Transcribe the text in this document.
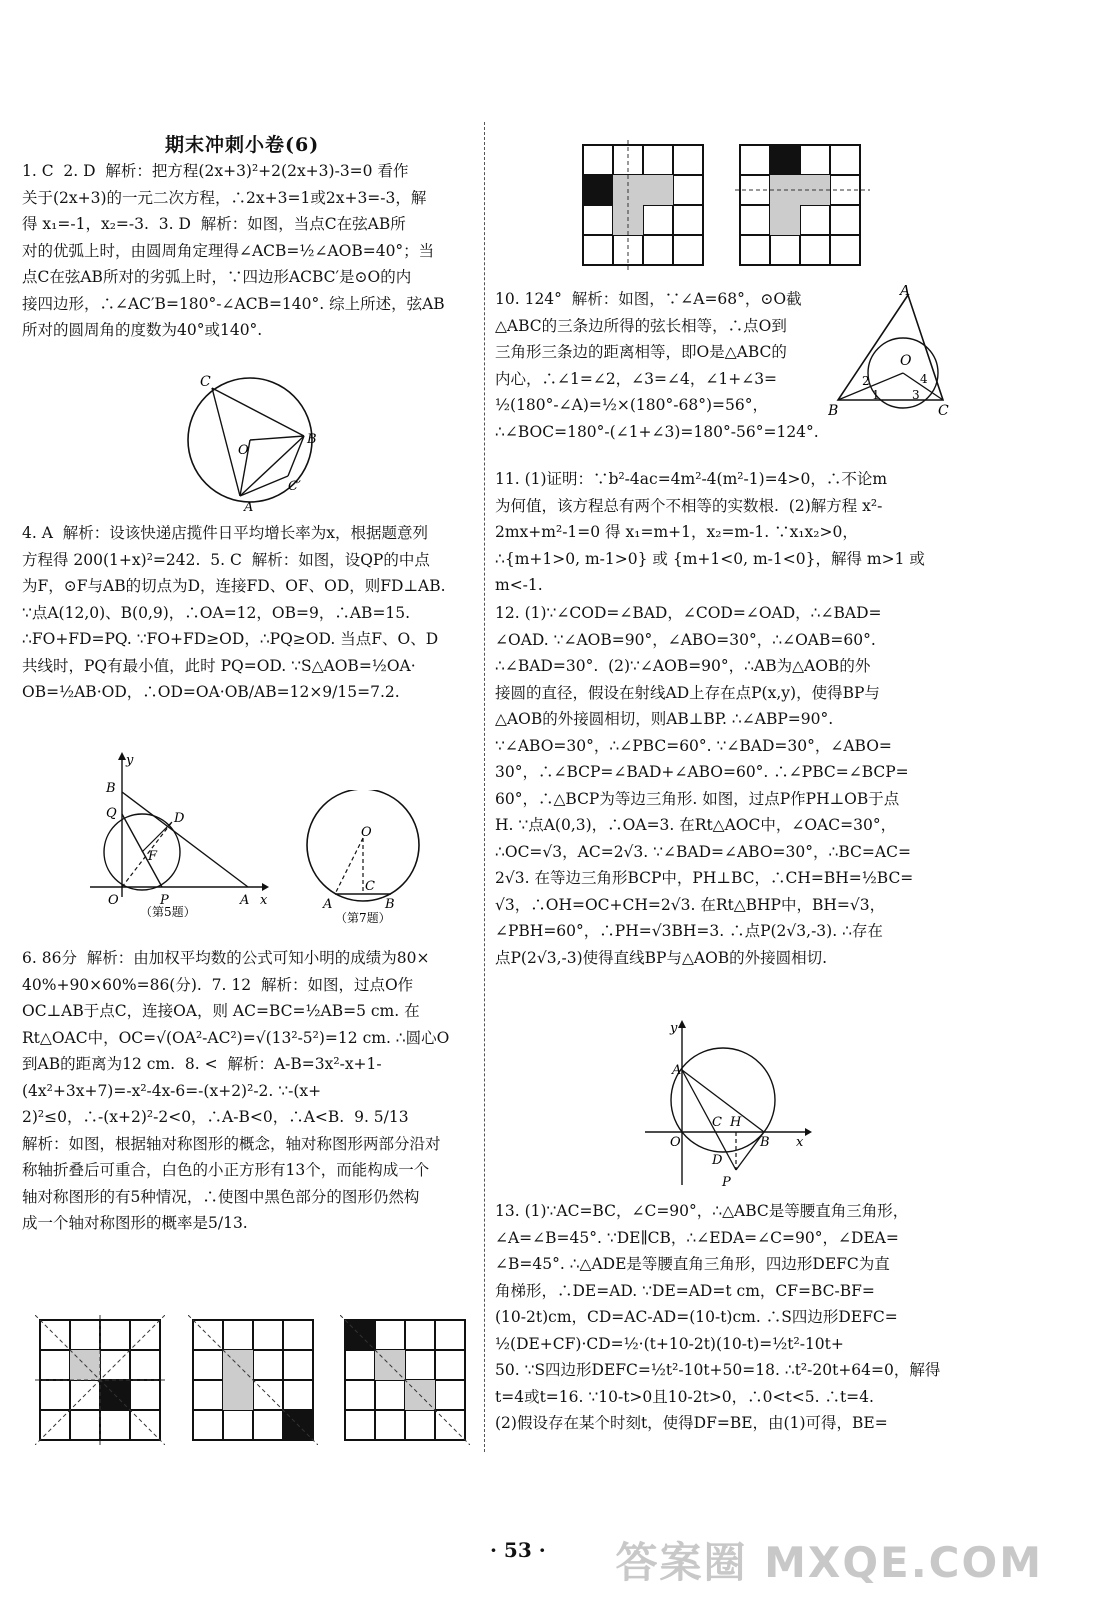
期末冲刺小卷(6)
1. C  2. D  解析：把方程(2x+3)²+2(2x+3)-3=0 看作
关于(2x+3)的一元二次方程，∴2x+3=1或2x+3=-3，解
得 x₁=-1，x₂=-3.  3. D  解析：如图，当点C在弦AB所
对的优弧上时，由圆周角定理得∠ACB=½∠AOB=40°；当
点C在弦AB所对的劣弧上时，∵四边形ACBC′是⊙O的内
接四边形，∴∠AC′B=180°-∠ACB=140°. 综上所述，弦AB
所对的圆周角的度数为40°或140°.
C
O
B
C′
A
4. A  解析：设该快递店揽件日平均增长率为x，根据题意列
方程得 200(1+x)²=242.  5. C  解析：如图，设QP的中点
为F，⊙F与AB的切点为D，连接FD、OF、OD，则FD⊥AB.
∵点A(12,0)、B(0,9)，∴OA=12，OB=9，∴AB=15.
∴FO+FD=PQ. ∵FO+FD≥OD，∴PQ≥OD. 当点F、O、D
共线时，PQ有最小值，此时 PQ=OD. ∵S△AOB=½OA·
OB=½AB·OD，∴OD=OA·OB/AB=12×9/15=7.2.
B
Q	D
F
O	P	A x
y
（第5题）
O
C
A	B
（第7题）
6. 86分  解析：由加权平均数的公式可知小明的成绩为80×
40%+90×60%=86(分).  7. 12  解析：如图，过点O作
OC⊥AB于点C，连接OA，则 AC=BC=½AB=5 cm. 在
Rt△OAC中，OC=√(OA²-AC²)=√(13²-5²)=12 cm. ∴圆心O
到AB的距离为12 cm.  8. <  解析：A-B=3x²-x+1-
(4x²+3x+7)=-x²-4x-6=-(x+2)²-2. ∵-(x+
2)²≤0，∴-(x+2)²-2<0，∴A-B<0，∴A<B.  9. 5/13
解析：如图，根据轴对称图形的概念，轴对称图形两部分沿对
称轴折叠后可重合，白色的小正方形有13个，而能构成一个
轴对称图形的有5种情况，∴使图中黑色部分的图形仍然构
成一个轴对称图形的概率是5/13.
10. 124°  解析：如图，∵∠A=68°，⊙O截
△ABC的三条边所得的弦长相等，∴点O到
三角形三条边的距离相等，即O是△ABC的
内心，∴∠1=∠2，∠3=∠4，∠1+∠3=
½(180°-∠A)=½×(180°-68°)=56°，
∴∠BOC=180°-(∠1+∠3)=180°-56°=124°.
A
O
2
1	3
4
B	C
11. (1)证明：∵b²-4ac=4m²-4(m²-1)=4>0，∴不论m
为何值，该方程总有两个不相等的实数根.  (2)解方程 x²-
2mx+m²-1=0 得 x₁=m+1，x₂=m-1. ∵x₁x₂>0，
∴{m+1>0, m-1>0} 或 {m+1<0, m-1<0}，解得 m>1 或 m<-1.
12. (1)∵∠COD=∠BAD，∠COD=∠OAD，∴∠BAD=
∠OAD. ∵∠AOB=90°，∠ABO=30°，∴∠OAB=60°.
∴∠BAD=30°.  (2)∵∠AOB=90°，∴AB为△AOB的外
接圆的直径，假设在射线AD上存在点P(x,y)，使得BP与
△AOB的外接圆相切，则AB⊥BP. ∴∠ABP=90°.
∵∠ABO=30°，∴∠PBC=60°. ∵∠BAD=30°，∠ABO=
30°，∴∠BCP=∠BAD+∠ABO=60°. ∴∠PBC=∠BCP=
60°，∴△BCP为等边三角形. 如图，过点P作PH⊥OB于点
H. ∵点A(0,3)，∴OA=3. 在Rt△AOC中，∠OAC=30°，
∴OC=√3，AC=2√3. ∵∠BAD=∠ABO=30°，∴BC=AC=
2√3. 在等边三角形BCP中，PH⊥BC，∴CH=BH=½BC=
√3，∴OH=OC+CH=2√3. 在Rt△BHP中，BH=√3，
∠PBH=60°，∴PH=√3BH=3. ∴点P(2√3,-3). ∴存在
点P(2√3,-3)使得直线BP与△AOB的外接圆相切.
A
O
C H
B
D
P
x
y
13. (1)∵AC=BC，∠C=90°，∴△ABC是等腰直角三角形，
∠A=∠B=45°. ∵DE∥CB，∴∠EDA=∠C=90°，∠DEA=
∠B=45°. ∴△ADE是等腰直角三角形，四边形DEFC为直
角梯形，∴DE=AD. ∵DE=AD=t cm，CF=BC-BF=
(10-2t)cm，CD=AC-AD=(10-t)cm. ∴S四边形DEFC=
½(DE+CF)·CD=½·(t+10-2t)(10-t)=½t²-10t+
50. ∵S四边形DEFC=½t²-10t+50=18. ∴t²-20t+64=0，解得
t=4或t=16. ∵10-t>0且10-2t>0，∴0<t<5. ∴t=4.
(2)假设存在某个时刻t，使得DF=BE，由(1)可得，BE=
· 53 · 答案圈 MXQE.COM
